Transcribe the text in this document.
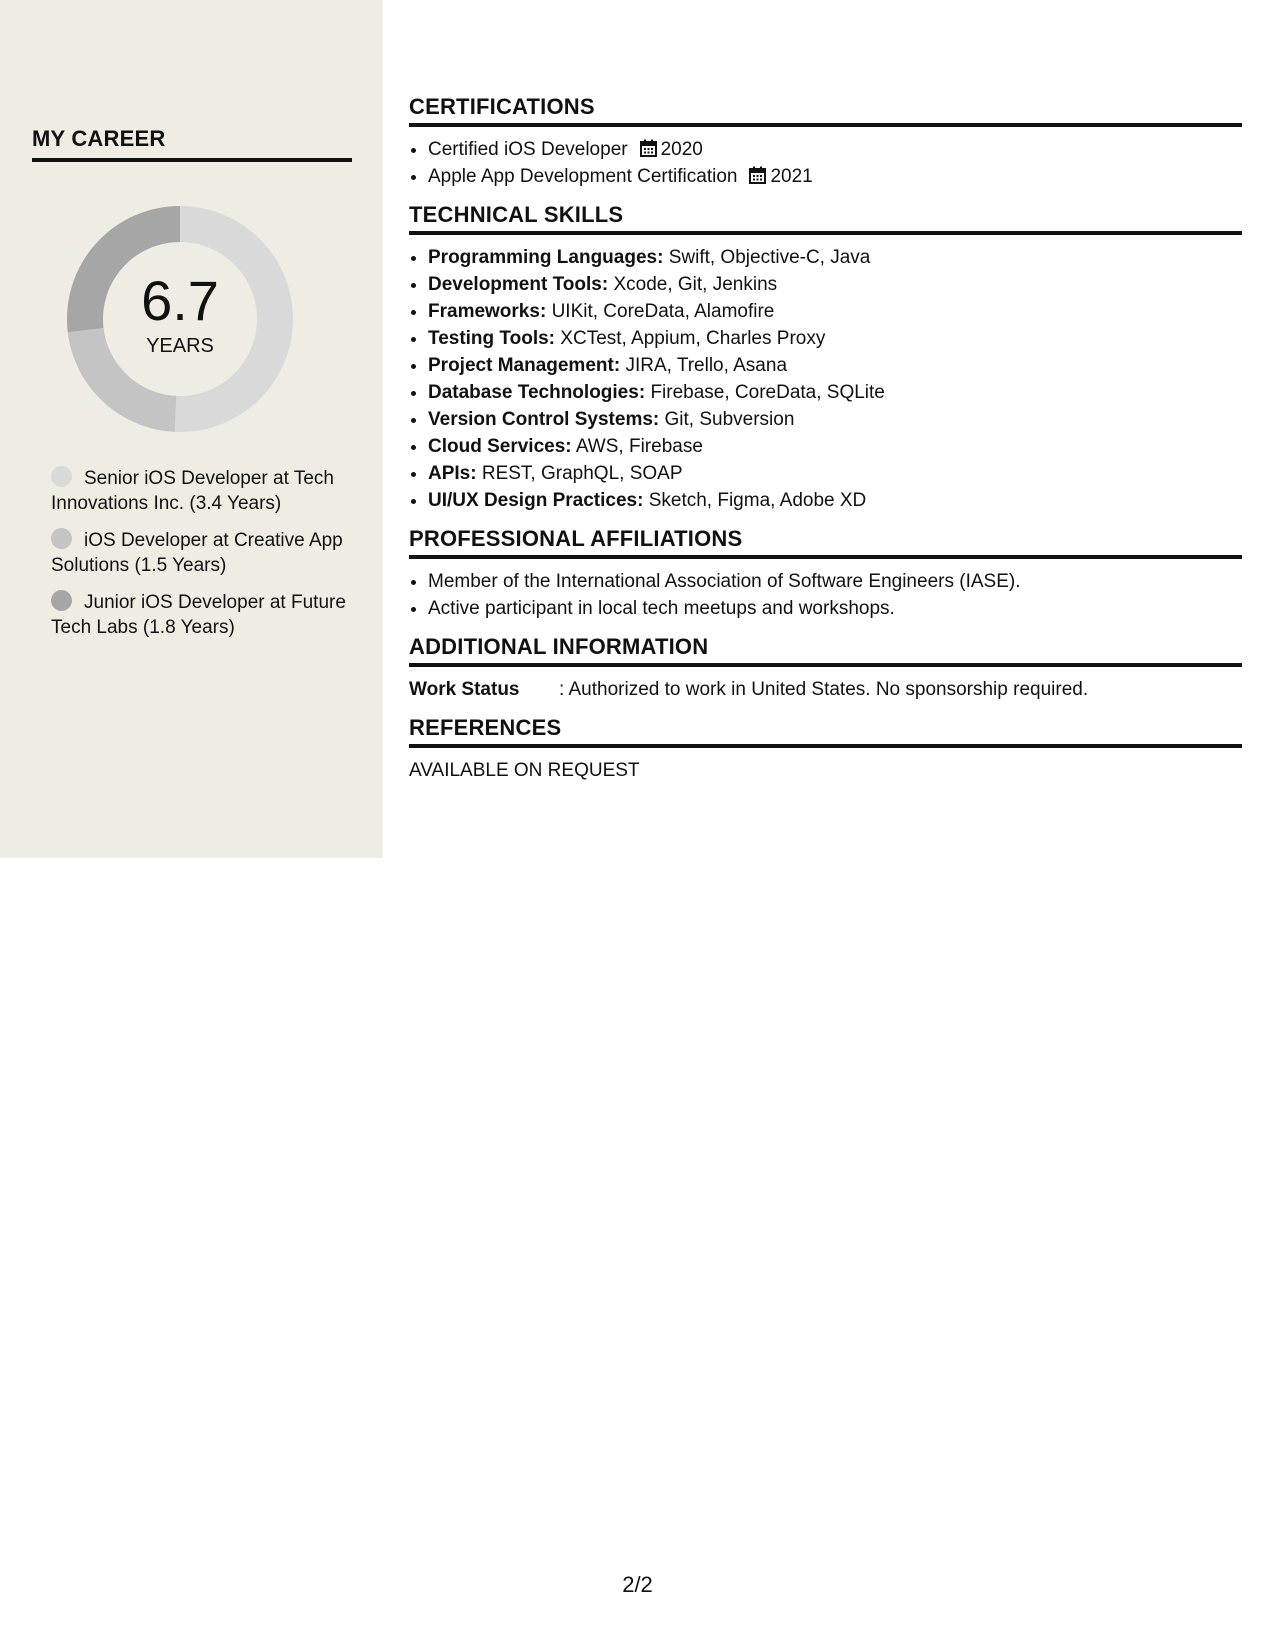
MY CAREER
6.7
YEARS
Senior iOS Developer at Tech Innovations Inc. (3.4 Years)
iOS Developer at Creative App Solutions (1.5 Years)
Junior iOS Developer at Future Tech Labs (1.8 Years)
CERTIFICATIONS
• Certified iOS Developer 2020
• Apple App Development Certification 2021
TECHNICAL SKILLS
• Programming Languages: Swift, Objective-C, Java
• Development Tools: Xcode, Git, Jenkins
• Frameworks: UIKit, CoreData, Alamofire
• Testing Tools: XCTest, Appium, Charles Proxy
• Project Management: JIRA, Trello, Asana
• Database Technologies: Firebase, CoreData, SQLite
• Version Control Systems: Git, Subversion
• Cloud Services: AWS, Firebase
• APIs: REST, GraphQL, SOAP
• UI/UX Design Practices: Sketch, Figma, Adobe XD
PROFESSIONAL AFFILIATIONS
• Member of the International Association of Software Engineers (IASE).
• Active participant in local tech meetups and workshops.
ADDITIONAL INFORMATION
Work Status : Authorized to work in United States. No sponsorship required.
REFERENCES
AVAILABLE ON REQUEST
2/2
